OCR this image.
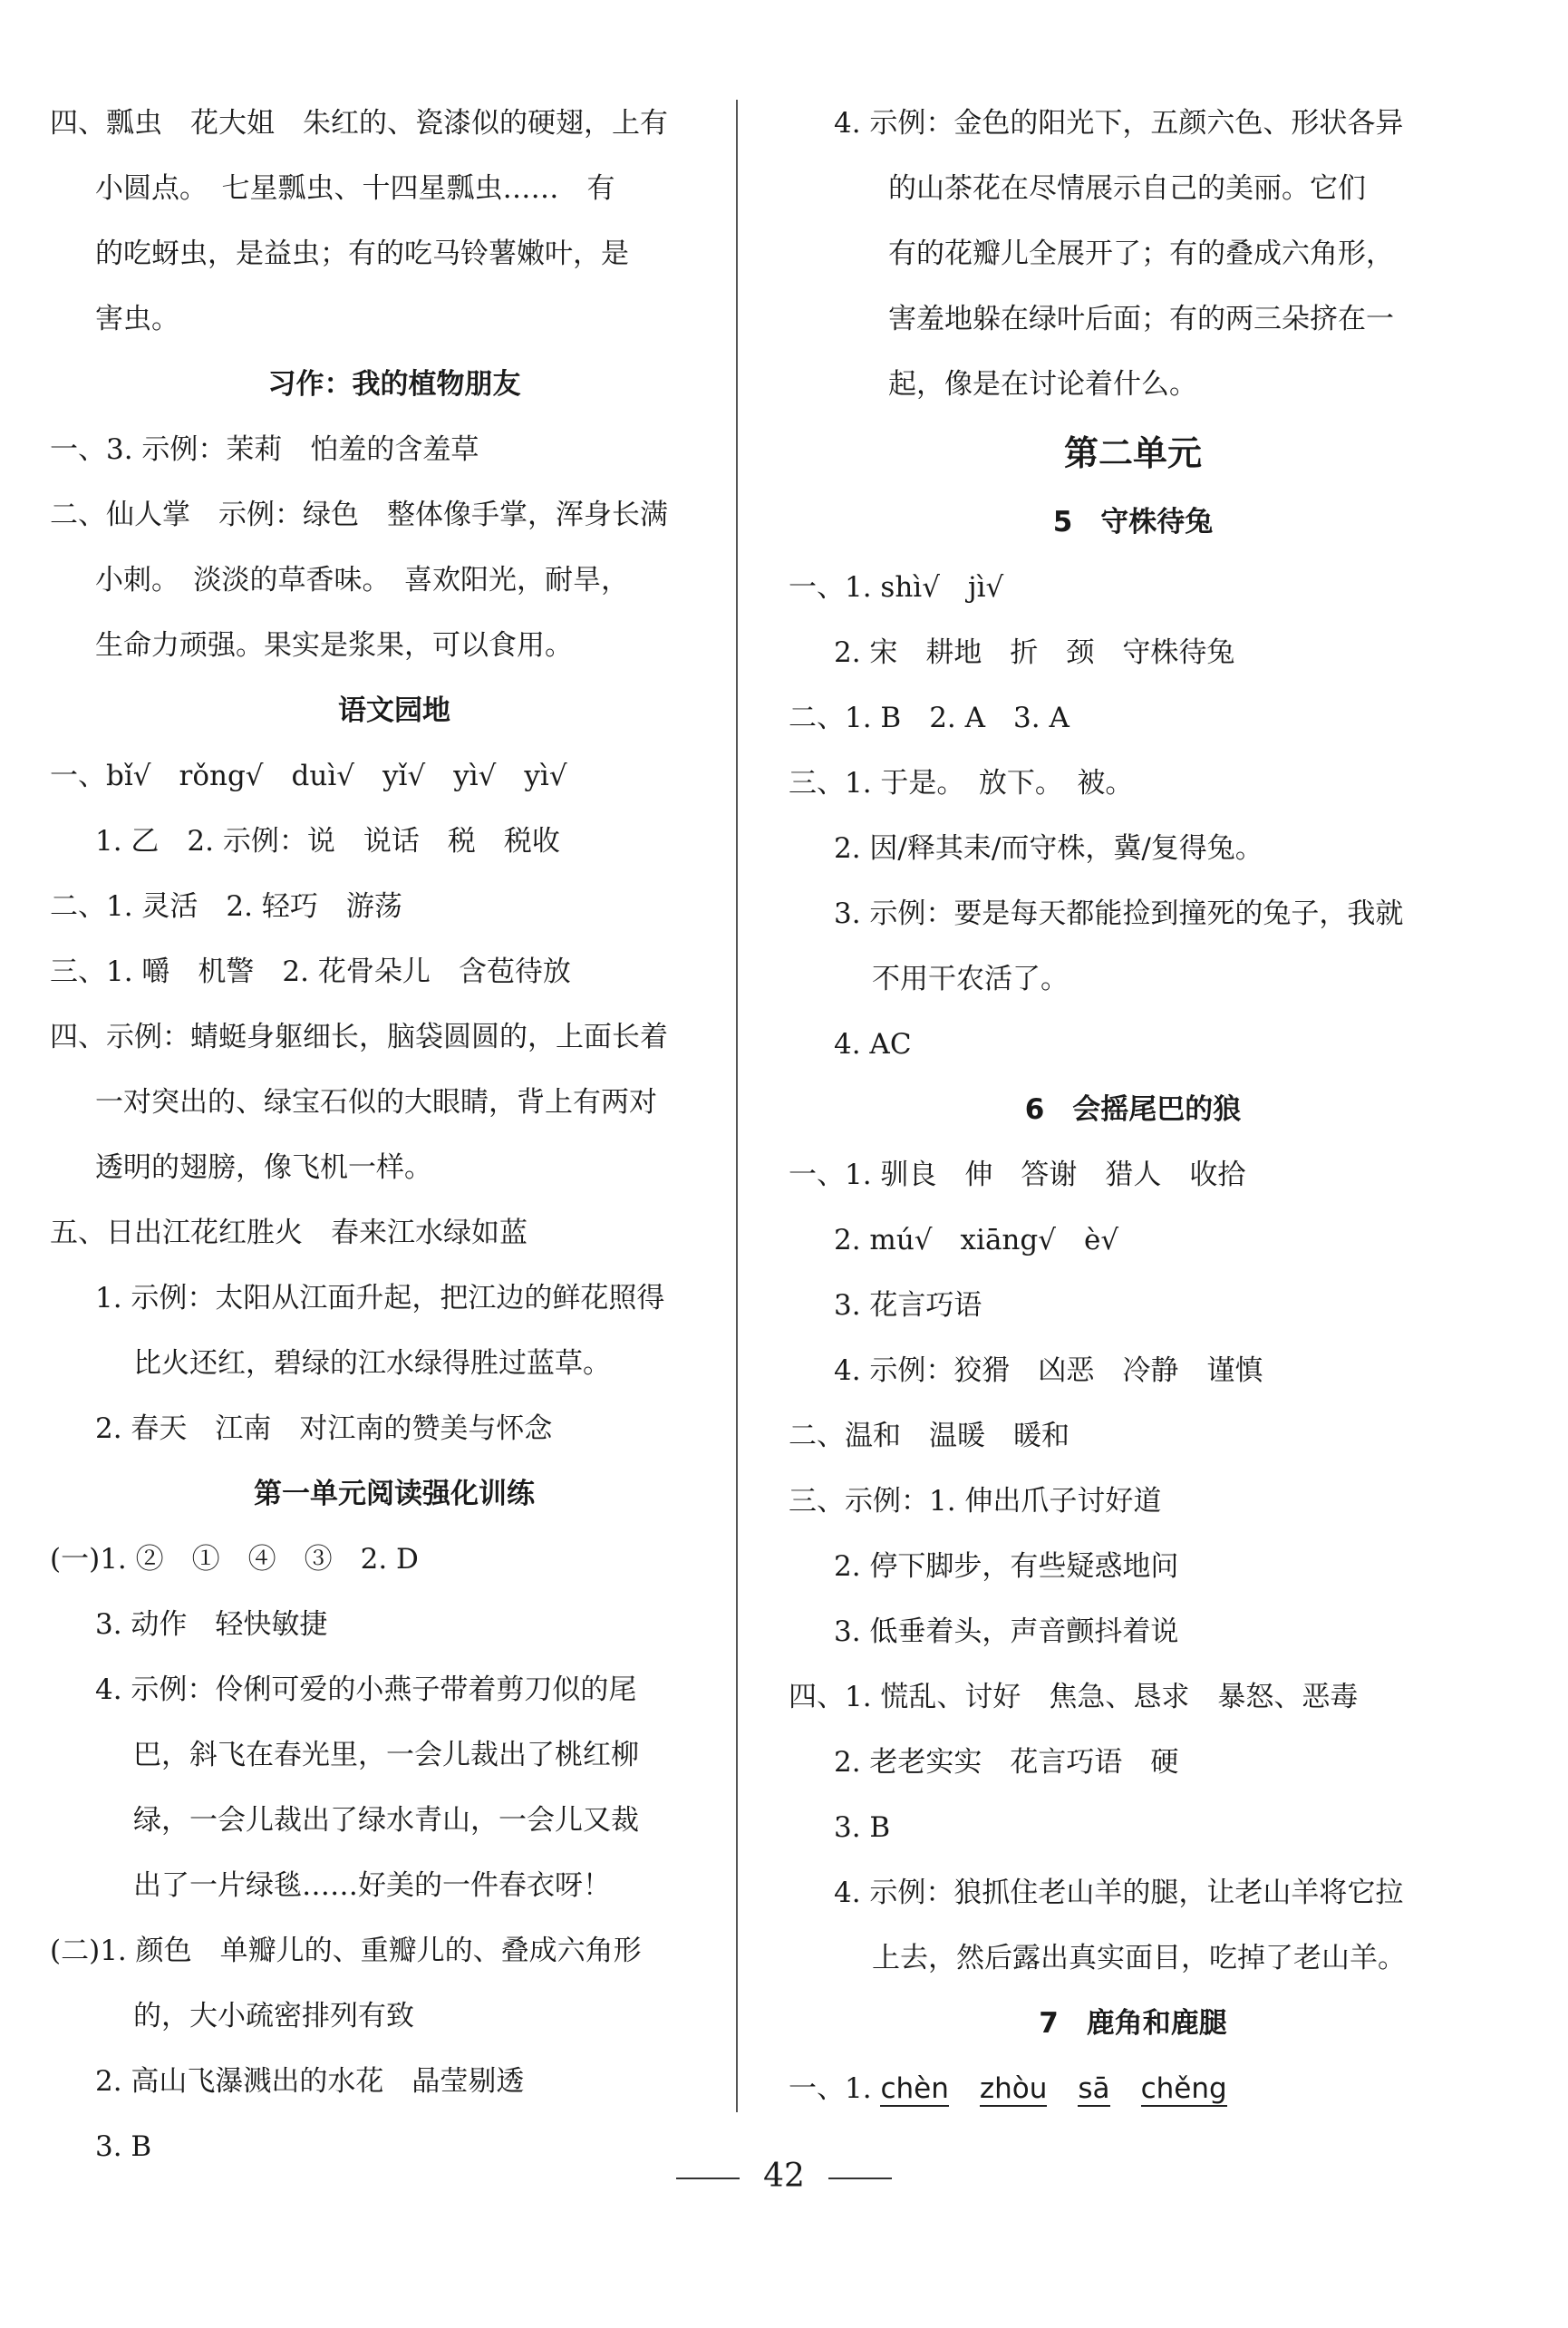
四、瓢虫　花大姐　朱红的、瓷漆似的硬翅，上有
小圆点。　七星瓢虫、十四星瓢虫……　有
的吃蚜虫，是益虫；有的吃马铃薯嫩叶，是
害虫。
习作：我的植物朋友
一、3. 示例：茉莉　怕羞的含羞草
二、仙人掌　示例：绿色　整体像手掌，浑身长满
小刺。　淡淡的草香味。　喜欢阳光，耐旱，
生命力顽强。果实是浆果，可以食用。
语文园地
一、bǐ√　rǒng√　duì√　yǐ√　yì√　yì√
1. 乙　2. 示例：说　说话　税　税收
二、1. 灵活　2. 轻巧　游荡
三、1. 嚼　机警　2. 花骨朵儿　含苞待放
四、示例：蜻蜓身躯细长，脑袋圆圆的，上面长着
一对突出的、绿宝石似的大眼睛，背上有两对
透明的翅膀，像飞机一样。
五、日出江花红胜火　春来江水绿如蓝
1. 示例：太阳从江面升起，把江边的鲜花照得
比火还红，碧绿的江水绿得胜过蓝草。
2. 春天　江南　对江南的赞美与怀念
第一单元阅读强化训练
(一)1. ②　①　④　③　2. D
3. 动作　轻快敏捷
4. 示例：伶俐可爱的小燕子带着剪刀似的尾
巴，斜飞在春光里，一会儿裁出了桃红柳
绿，一会儿裁出了绿水青山，一会儿又裁
出了一片绿毯……好美的一件春衣呀！
(二)1. 颜色　单瓣儿的、重瓣儿的、叠成六角形
的，大小疏密排列有致
2. 高山飞瀑溅出的水花　晶莹剔透
3. B
4. 示例：金色的阳光下，五颜六色、形状各异
的山茶花在尽情展示自己的美丽。它们
有的花瓣儿全展开了；有的叠成六角形，
害羞地躲在绿叶后面；有的两三朵挤在一
起，像是在讨论着什么。
第二单元
5　守株待兔
一、1. shì√　jì√
2. 宋　耕地　折　颈　守株待兔
二、1. B　2. A　3. A
三、1. 于是。　放下。　被。
2. 因/释其耒/而守株，冀/复得兔。
3. 示例：要是每天都能捡到撞死的兔子，我就
不用干农活了。
4. AC
6　会摇尾巴的狼
一、1. 驯良　伸　答谢　猎人　收拾
2. mú√　xiāng√　è√
3. 花言巧语
4. 示例：狡猾　凶恶　冷静　谨慎
二、温和　温暖　暖和
三、示例：1. 伸出爪子讨好道
2. 停下脚步，有些疑惑地问
3. 低垂着头，声音颤抖着说
四、1. 慌乱、讨好　焦急、恳求　暴怒、恶毒
2. 老老实实　花言巧语　硬
3. B
4. 示例：狼抓住老山羊的腿，让老山羊将它拉
上去，然后露出真实面目，吃掉了老山羊。
7　鹿角和鹿腿
一、1. chèn zhòu sā chěng
42
